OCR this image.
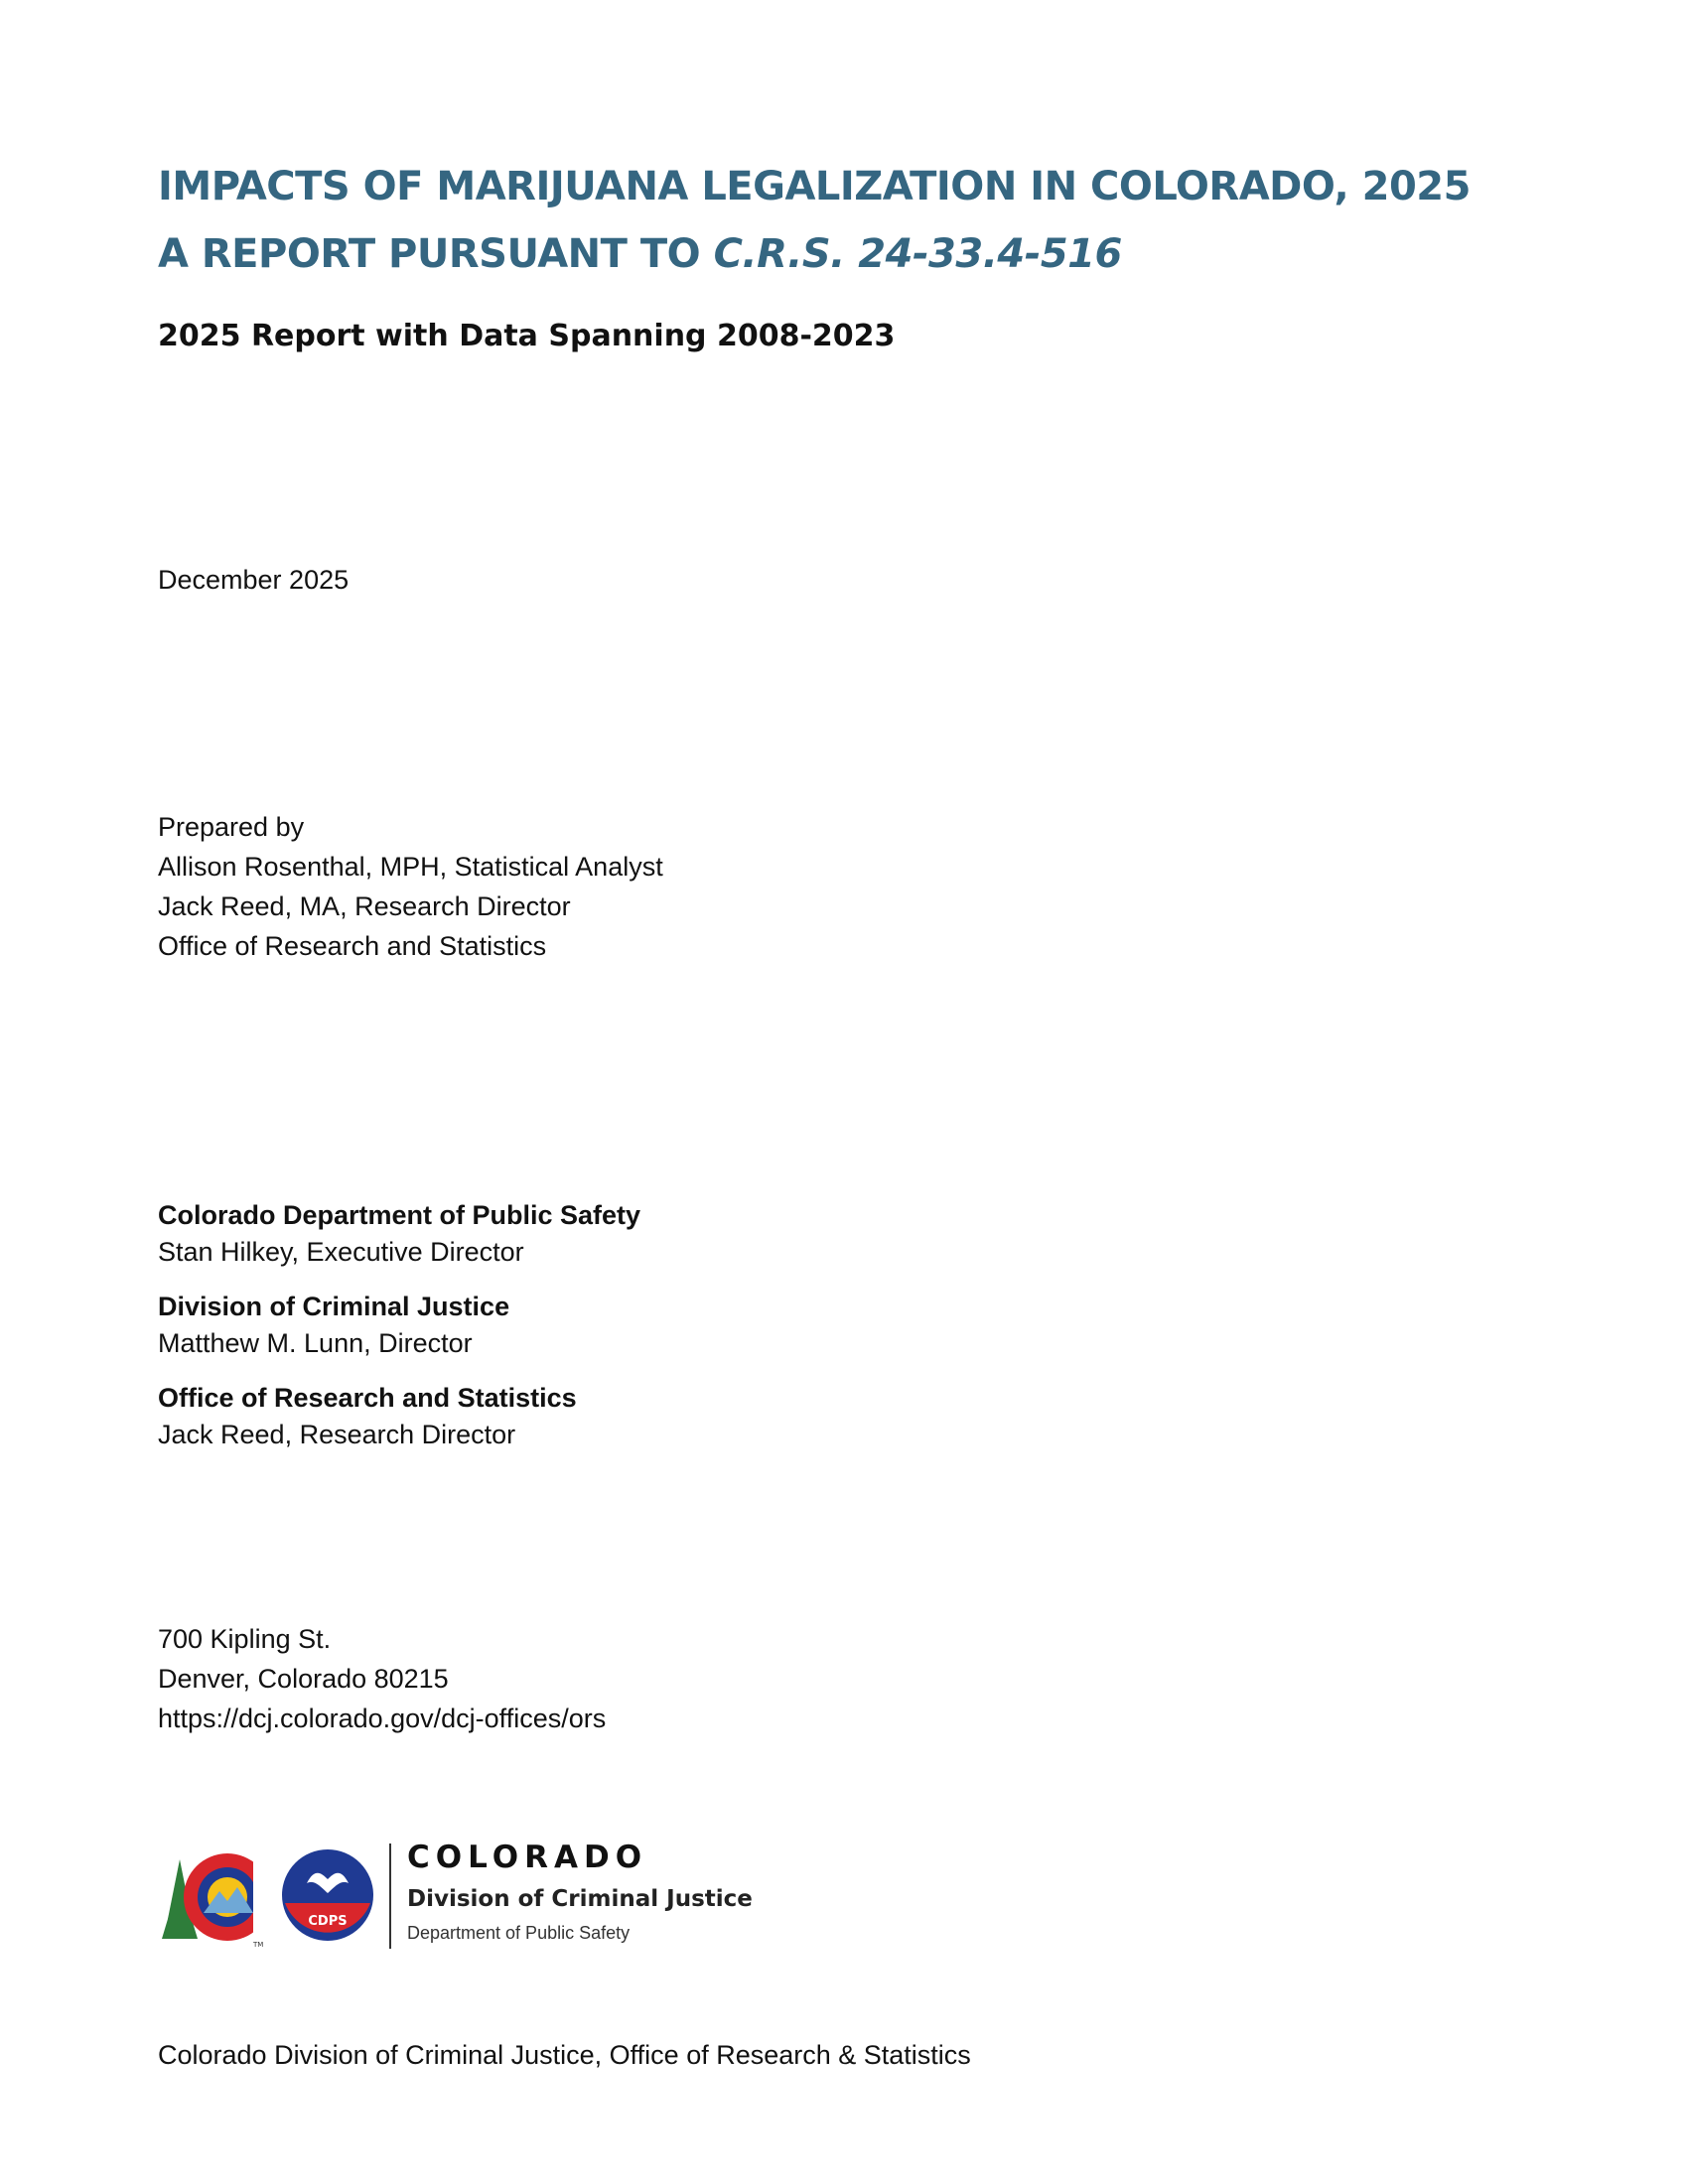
IMPACTS OF MARIJUANA LEGALIZATION IN COLORADO, 2025
A REPORT PURSUANT TO C.R.S. 24-33.4-516
2025 Report with Data Spanning 2008-2023
December 2025
Prepared by
Allison Rosenthal, MPH, Statistical Analyst
Jack Reed, MA, Research Director
Office of Research and Statistics
Colorado Department of Public Safety
Stan Hilkey, Executive Director
Division of Criminal Justice
Matthew M. Lunn, Director
Office of Research and Statistics
Jack Reed, Research Director
700 Kipling St.
Denver, Colorado 80215
https://dcj.colorado.gov/dcj-offices/ors
TM
CDPS
COLORADO
Division of Criminal Justice
Department of Public Safety
Colorado Division of Criminal Justice, Office of Research & Statistics
